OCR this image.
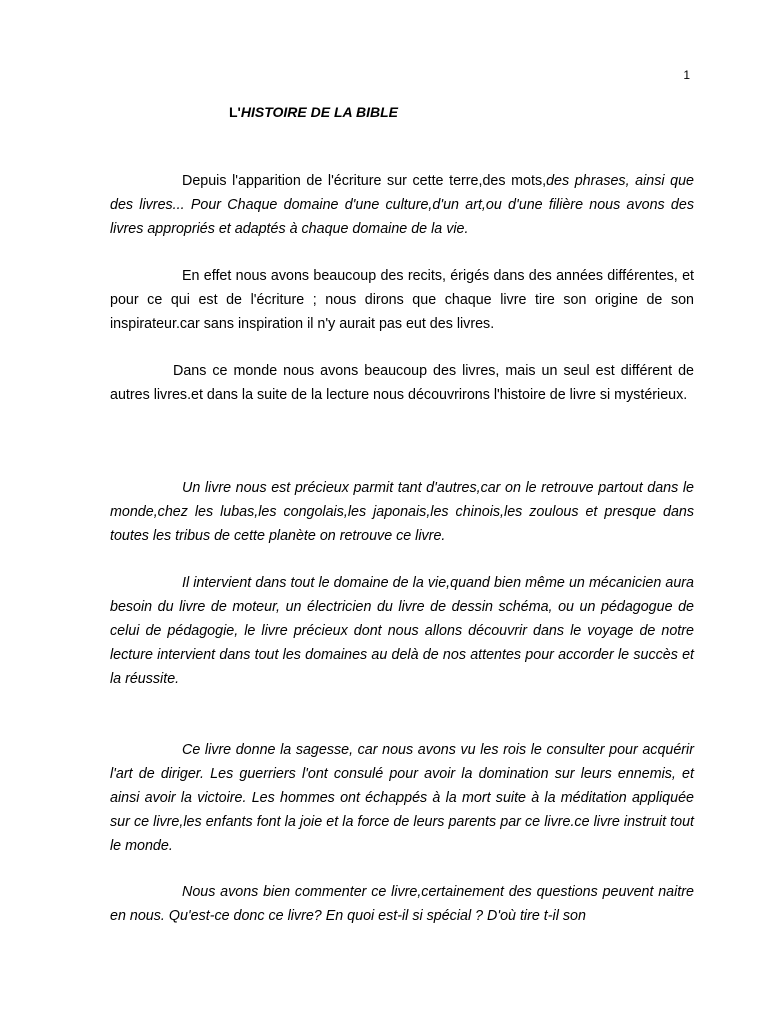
1
L'HISTOIRE DE LA BIBLE

Depuis l'apparition de l'écriture sur cette terre,des mots,des phrases, ainsi que des livres... Pour Chaque domaine d'une culture,d'un art,ou d'une filière nous avons des livres appropriés et adaptés à chaque domaine de la vie.

En effet nous avons beaucoup des recits, érigés dans des années différentes, et pour ce qui est de l'écriture ; nous dirons que chaque livre tire son origine de son inspirateur.car sans inspiration il n'y aurait pas eut des livres.

Dans ce monde nous avons beaucoup des livres, mais un seul est différent de autres livres.et dans la suite de la lecture nous découvrirons l'histoire de livre si mystérieux.

Un livre nous est précieux parmit tant d'autres,car on le retrouve partout dans le monde,chez les lubas,les congolais,les japonais,les chinois,les zoulous et presque dans toutes les tribus de cette planète on retrouve ce livre.

Il intervient dans tout le domaine de la vie,quand bien même un mécanicien aura besoin du livre de moteur, un électricien du livre de dessin schéma, ou un pédagogue de celui de pédagogie, le livre précieux dont nous allons découvrir dans le voyage de notre lecture intervient dans tout les domaines au delà de nos attentes pour accorder le succès et la réussite.

Ce livre donne la sagesse, car nous avons vu les rois le consulter pour acquérir l'art de diriger. Les guerriers l'ont consulé pour avoir la domination sur leurs ennemis, et ainsi avoir la victoire. Les hommes ont échappés à la mort suite à la méditation appliquée sur ce livre,les enfants font la joie et la force de leurs parents par ce livre.ce livre instruit tout le monde.

Nous avons bien commenter ce livre,certainement des questions peuvent naitre en nous. Qu'est-ce donc ce livre? En quoi est-il si spécial ? D'où tire t-il son
